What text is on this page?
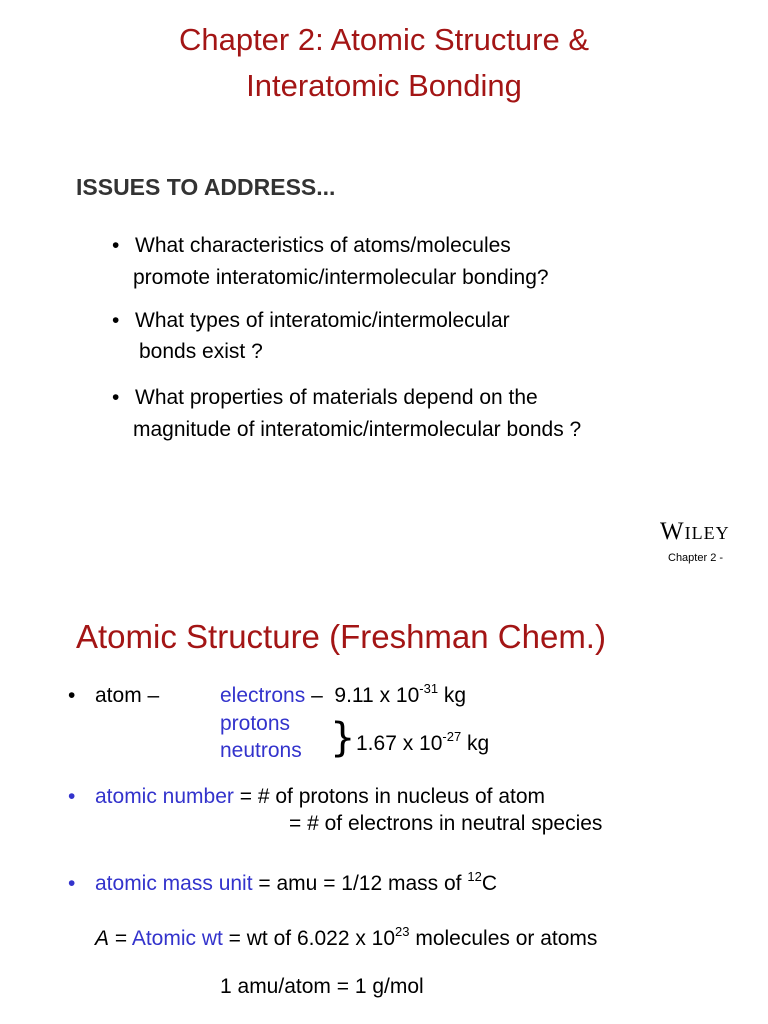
Chapter 2: Atomic Structure &
Interatomic Bonding
ISSUES TO ADDRESS...
• What characteristics of atoms/molecules
promote interatomic/intermolecular bonding?
• What types of interatomic/intermolecular
bonds exist ?
• What properties of materials depend on the
magnitude of interatomic/intermolecular bonds ?
WILEY
Chapter 2 -
Atomic Structure (Freshman Chem.)
• atom –	electrons – 9.11 x $10^{-31}$ kg
protons
neutrons } 1.67 x $10^{-27}$ kg
• atomic number = # of protons in nucleus of atom
= # of electrons in neutral species
• atomic mass unit = amu = 1/12 mass of $^{12}$C
A = Atomic wt = wt of 6.022 x $10^{23}$ molecules or atoms
1 amu/atom = 1 g/mol
